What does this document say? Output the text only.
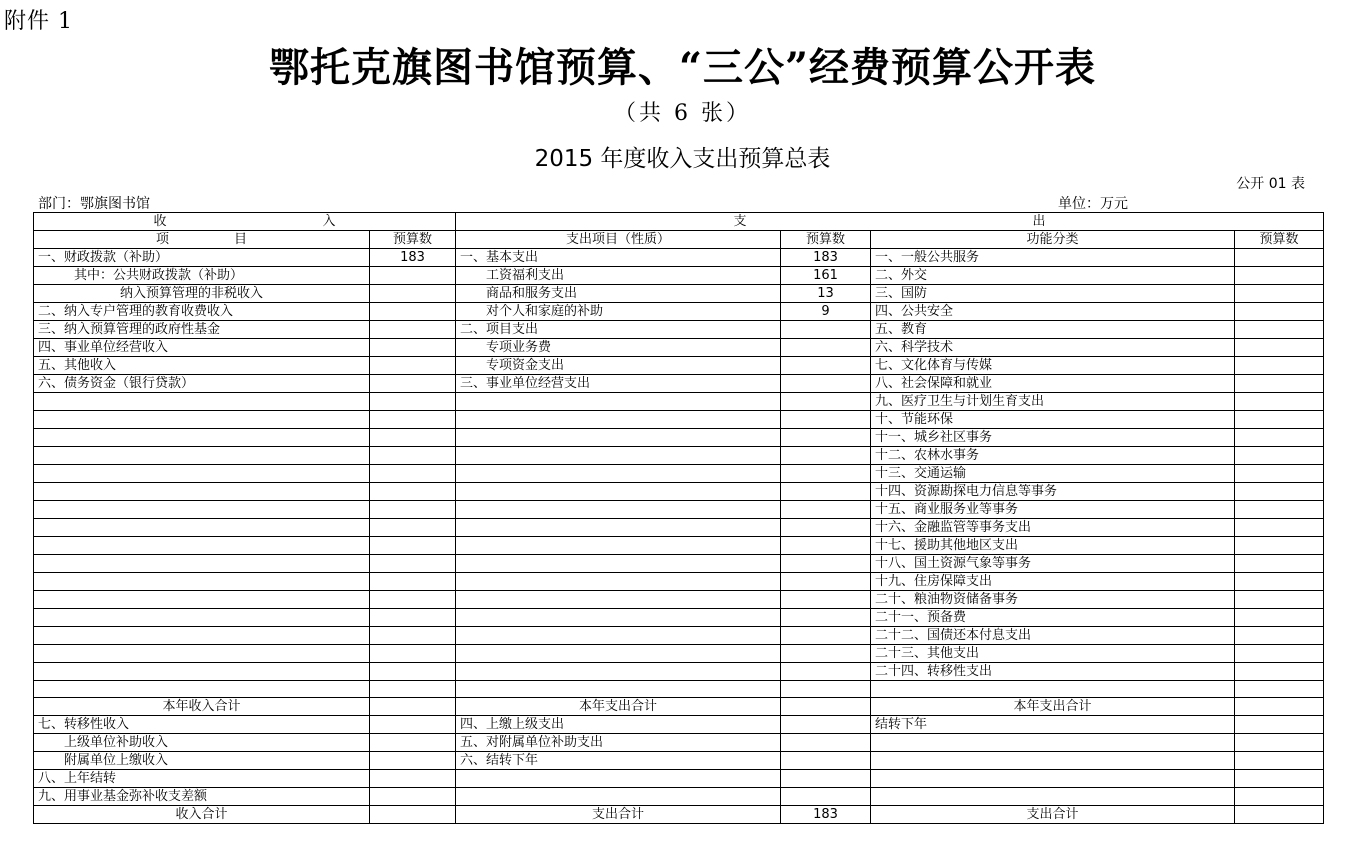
附件 1
鄂托克旗图书馆预算、“三公”经费预算公开表
（共 6 张）
2015 年度收入支出预算总表
公开 01 表
部门：鄂旗图书馆	单位：万元
收　　　　　　　　　　　　入		支　　　　　　　　　　　　　　　　　　　　　　出			
项　　　　　目	预算数	支出项目（性质）	预算数	功能分类	预算数
一、财政拨款（补助）	183	一、基本支出	183	一、一般公共服务	
其中：公共财政拨款（补助）		工资福利支出	161	二、外交	
纳入预算管理的非税收入		商品和服务支出	13	三、国防	
二、纳入专户管理的教育收费收入		对个人和家庭的补助	9	四、公共安全	
三、纳入预算管理的政府性基金		二、项目支出		五、教育	
四、事业单位经营收入		专项业务费		六、科学技术	
五、其他收入		专项资金支出		七、文化体育与传媒	
六、债务资金（银行贷款）		三、事业单位经营支出		八、社会保障和就业	
				九、医疗卫生与计划生育支出	
				十、节能环保	
				十一、城乡社区事务	
				十二、农林水事务	
				十三、交通运输	
				十四、资源勘探电力信息等事务	
				十五、商业服务业等事务	
				十六、金融监管等事务支出	
				十七、援助其他地区支出	
				十八、国土资源气象等事务	
				十九、住房保障支出	
				二十、粮油物资储备事务	
				二十一、预备费	
				二十二、国债还本付息支出	
				二十三、其他支出	
				二十四、转移性支出	

本年收入合计		本年支出合计		本年支出合计	
七、转移性收入		四、上缴上级支出		结转下年	
上级单位补助收入		五、对附属单位补助支出			
附属单位上缴收入		六、结转下年			
八、上年结转					
九、用事业基金弥补收支差额					
收入合计		支出合计	183	支出合计	
